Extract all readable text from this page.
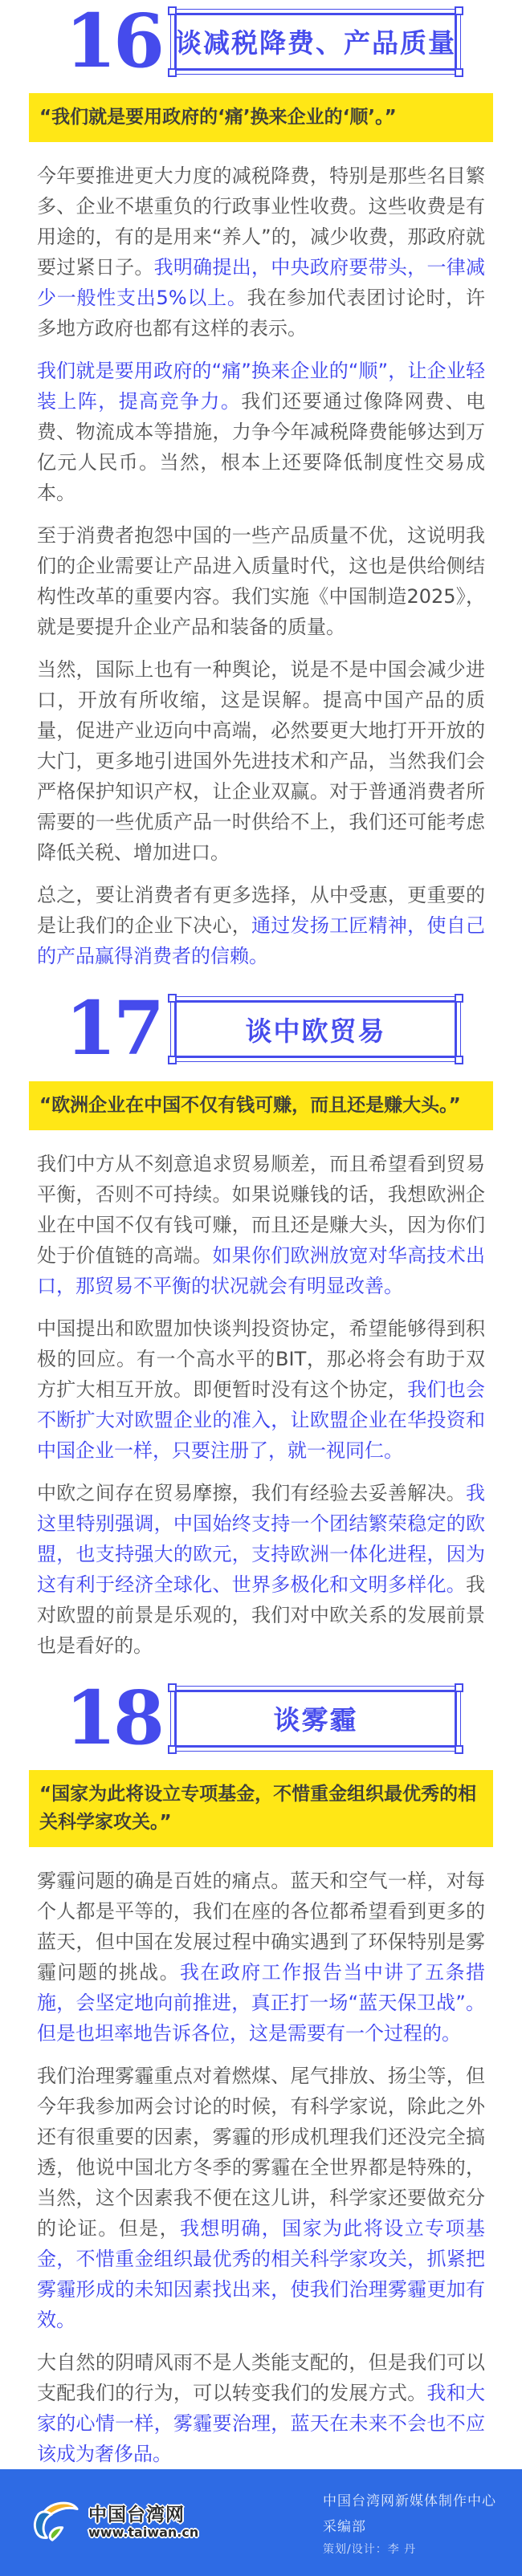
16 谈减税降费、产品质量
“我们就是要用政府的‘痛’换来企业的‘顺’。”

今年要推进更大力度的减税降费，特别是那些名目繁多、企业不堪重负的行政事业性收费。这些收费是有用途的，有的是用来“养人”的，减少收费，那政府就要过紧日子。我明确提出，中央政府要带头，一律减少一般性支出5%以上。我在参加代表团讨论时，许多地方政府也都有这样的表示。

我们就是要用政府的“痛”换来企业的“顺”，让企业轻装上阵，提高竞争力。我们还要通过像降网费、电费、物流成本等措施，力争今年减税降费能够达到万亿元人民币。当然，根本上还要降低制度性交易成本。

至于消费者抱怨中国的一些产品质量不优，这说明我们的企业需要让产品进入质量时代，这也是供给侧结构性改革的重要内容。我们实施《中国制造2025》，就是要提升企业产品和装备的质量。

当然，国际上也有一种舆论，说是不是中国会减少进口，开放有所收缩，这是误解。提高中国产品的质量，促进产业迈向中高端，必然要更大地打开开放的大门，更多地引进国外先进技术和产品，当然我们会严格保护知识产权，让企业双赢。对于普通消费者所需要的一些优质产品一时供给不上，我们还可能考虑降低关税、增加进口。

总之，要让消费者有更多选择，从中受惠，更重要的是让我们的企业下决心，通过发扬工匠精神，使自己的产品赢得消费者的信赖。

17	谈中欧贸易
“欧洲企业在中国不仅有钱可赚，而且还是赚大头。”

我们中方从不刻意追求贸易顺差，而且希望看到贸易平衡，否则不可持续。如果说赚钱的话，我想欧洲企业在中国不仅有钱可赚，而且还是赚大头，因为你们处于价值链的高端。如果你们欧洲放宽对华高技术出口，那贸易不平衡的状况就会有明显改善。

中国提出和欧盟加快谈判投资协定，希望能够得到积极的回应。有一个高水平的BIT，那必将会有助于双方扩大相互开放。即便暂时没有这个协定，我们也会不断扩大对欧盟企业的准入，让欧盟企业在华投资和中国企业一样，只要注册了，就一视同仁。

中欧之间存在贸易摩擦，我们有经验去妥善解决。我这里特别强调，中国始终支持一个团结繁荣稳定的欧盟，也支持强大的欧元，支持欧洲一体化进程，因为这有利于经济全球化、世界多极化和文明多样化。我对欧盟的前景是乐观的，我们对中欧关系的发展前景也是看好的。

18	谈雾霾
“国家为此将设立专项基金，不惜重金组织最优秀的相关科学家攻关。”

雾霾问题的确是百姓的痛点。蓝天和空气一样，对每个人都是平等的，我们在座的各位都希望看到更多的蓝天，但中国在发展过程中确实遇到了环保特别是雾霾问题的挑战。我在政府工作报告当中讲了五条措施，会坚定地向前推进，真正打一场“蓝天保卫战”。但是也坦率地告诉各位，这是需要有一个过程的。

我们治理雾霾重点对着燃煤、尾气排放、扬尘等，但今年我参加两会讨论的时候，有科学家说，除此之外还有很重要的因素，雾霾的形成机理我们还没完全搞透，他说中国北方冬季的雾霾在全世界都是特殊的，当然，这个因素我不便在这儿讲，科学家还要做充分的论证。但是，我想明确，国家为此将设立专项基金，不惜重金组织最优秀的相关科学家攻关，抓紧把雾霾形成的未知因素找出来，使我们治理雾霾更加有效。

大自然的阴晴风雨不是人类能支配的，但是我们可以支配我们的行为，可以转变我们的发展方式。我和大家的心情一样，雾霾要治理，蓝天在未来不会也不应该成为奢侈品。

中国台湾网
www.taiwan.cn
中国台湾网新媒体制作中心
采编部
策划/设计：李 丹
